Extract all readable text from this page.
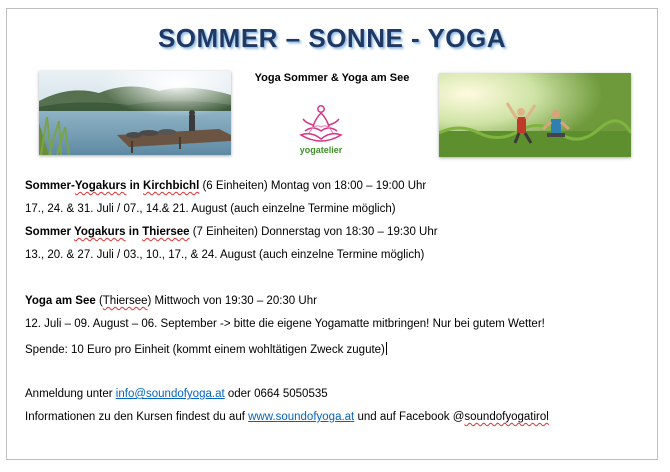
SOMMER – SONNE - YOGA
Yoga Sommer & Yoga am See
yogatelier
Sommer-Yogakurs in Kirchbichl (6 Einheiten) Montag von 18:00 – 19:00 Uhr
17., 24. & 31. Juli / 07., 14.& 21. August (auch einzelne Termine möglich)
Sommer Yogakurs in Thiersee (7 Einheiten) Donnerstag von 18:30 – 19:30 Uhr
13., 20. & 27. Juli / 03., 10., 17., & 24. August (auch einzelne Termine möglich)
Yoga am See (Thiersee) Mittwoch von 19:30 – 20:30 Uhr
12. Juli – 09. August – 06. September -> bitte die eigene Yogamatte mitbringen! Nur bei gutem Wetter!
Spende: 10 Euro pro Einheit (kommt einem wohltätigen Zweck zugute)
Anmeldung unter info@soundofyoga.at oder 0664 5050535
Informationen zu den Kursen findest du auf www.soundofyoga.at und auf Facebook @soundofyogatirol
